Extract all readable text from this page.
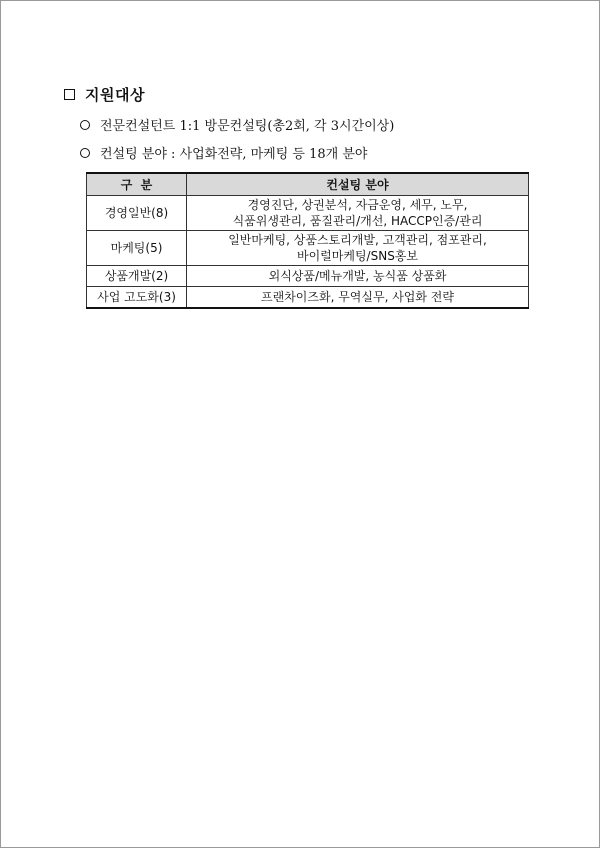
지원대상
전문컨설턴트 1:1 방문컨설팅(총2회, 각 3시간이상)
컨설팅 분야 : 사업화전략, 마케팅 등 18개 분야
구  분	컨설팅 분야
경영일반(8)	경영진단, 상권분석, 자금운영, 세무, 노무,
식품위생관리, 품질관리/개선, HACCP인증/관리

마케팅(5)	일반마케팅, 상품스토리개발, 고객관리, 점포관리,
바이럴마케팅/SNS홍보

상품개발(2)	외식상품/메뉴개발, 농식품 상품화

사업 고도화(3)	프랜차이즈화, 무역실무, 사업화 전략
